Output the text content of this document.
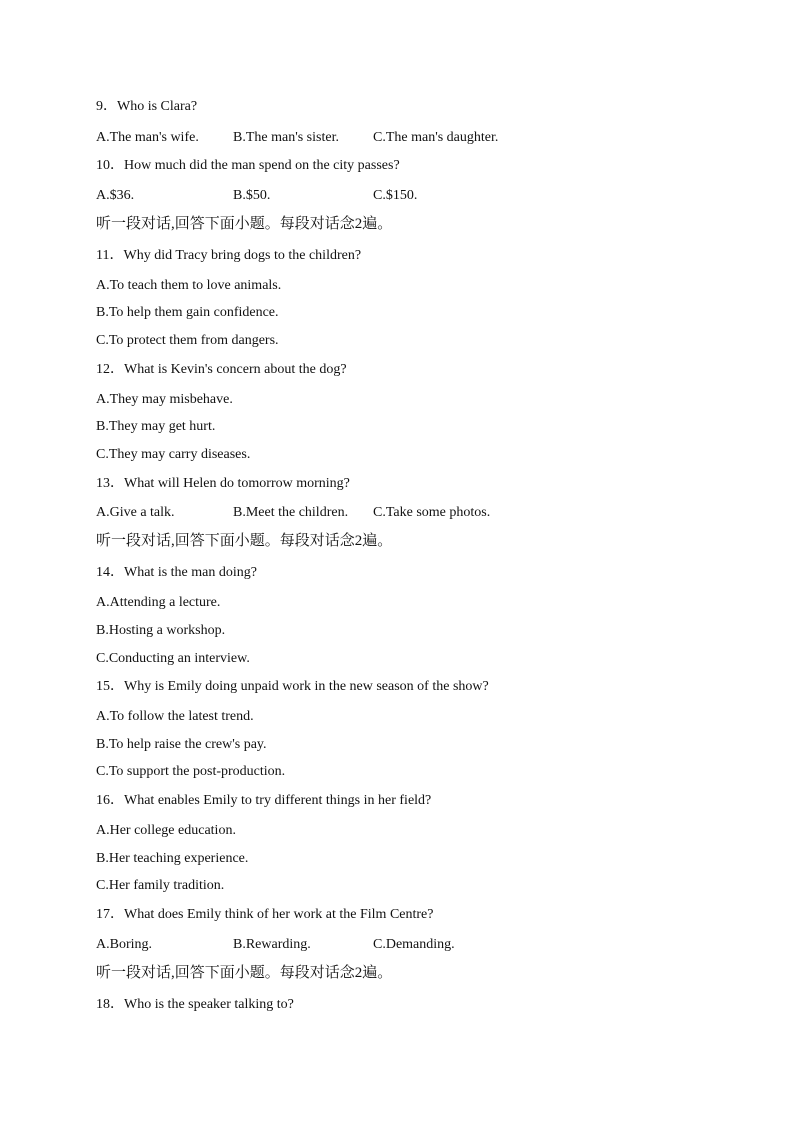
9．Who is Clara?
A.The man's wife. B.The man's sister. C.The man's daughter.
10．How much did the man spend on the city passes?
A.$36.	B.$50.	C.$150.
听一段对话,回答下面小题。每段对话念2遍。
11．Why did Tracy bring dogs to the children?
A.To teach them to love animals.
B.To help them gain confidence.
C.To protect them from dangers.
12．What is Kevin's concern about the dog?
A.They may misbehave.
B.They may get hurt.
C.They may carry diseases.
13．What will Helen do tomorrow morning?
A.Give a talk.	B.Meet the children. C.Take some photos.
听一段对话,回答下面小题。每段对话念2遍。
14．What is the man doing?
A.Attending a lecture.
B.Hosting a workshop.
C.Conducting an interview.
15．Why is Emily doing unpaid work in the new season of the show?
A.To follow the latest trend.
B.To help raise the crew's pay.
C.To support the post-production.
16．What enables Emily to try different things in her field?
A.Her college education.
B.Her teaching experience.
C.Her family tradition.
17．What does Emily think of her work at the Film Centre?
A.Boring.	B.Rewarding.	C.Demanding.
听一段对话,回答下面小题。每段对话念2遍。
18．Who is the speaker talking to?
